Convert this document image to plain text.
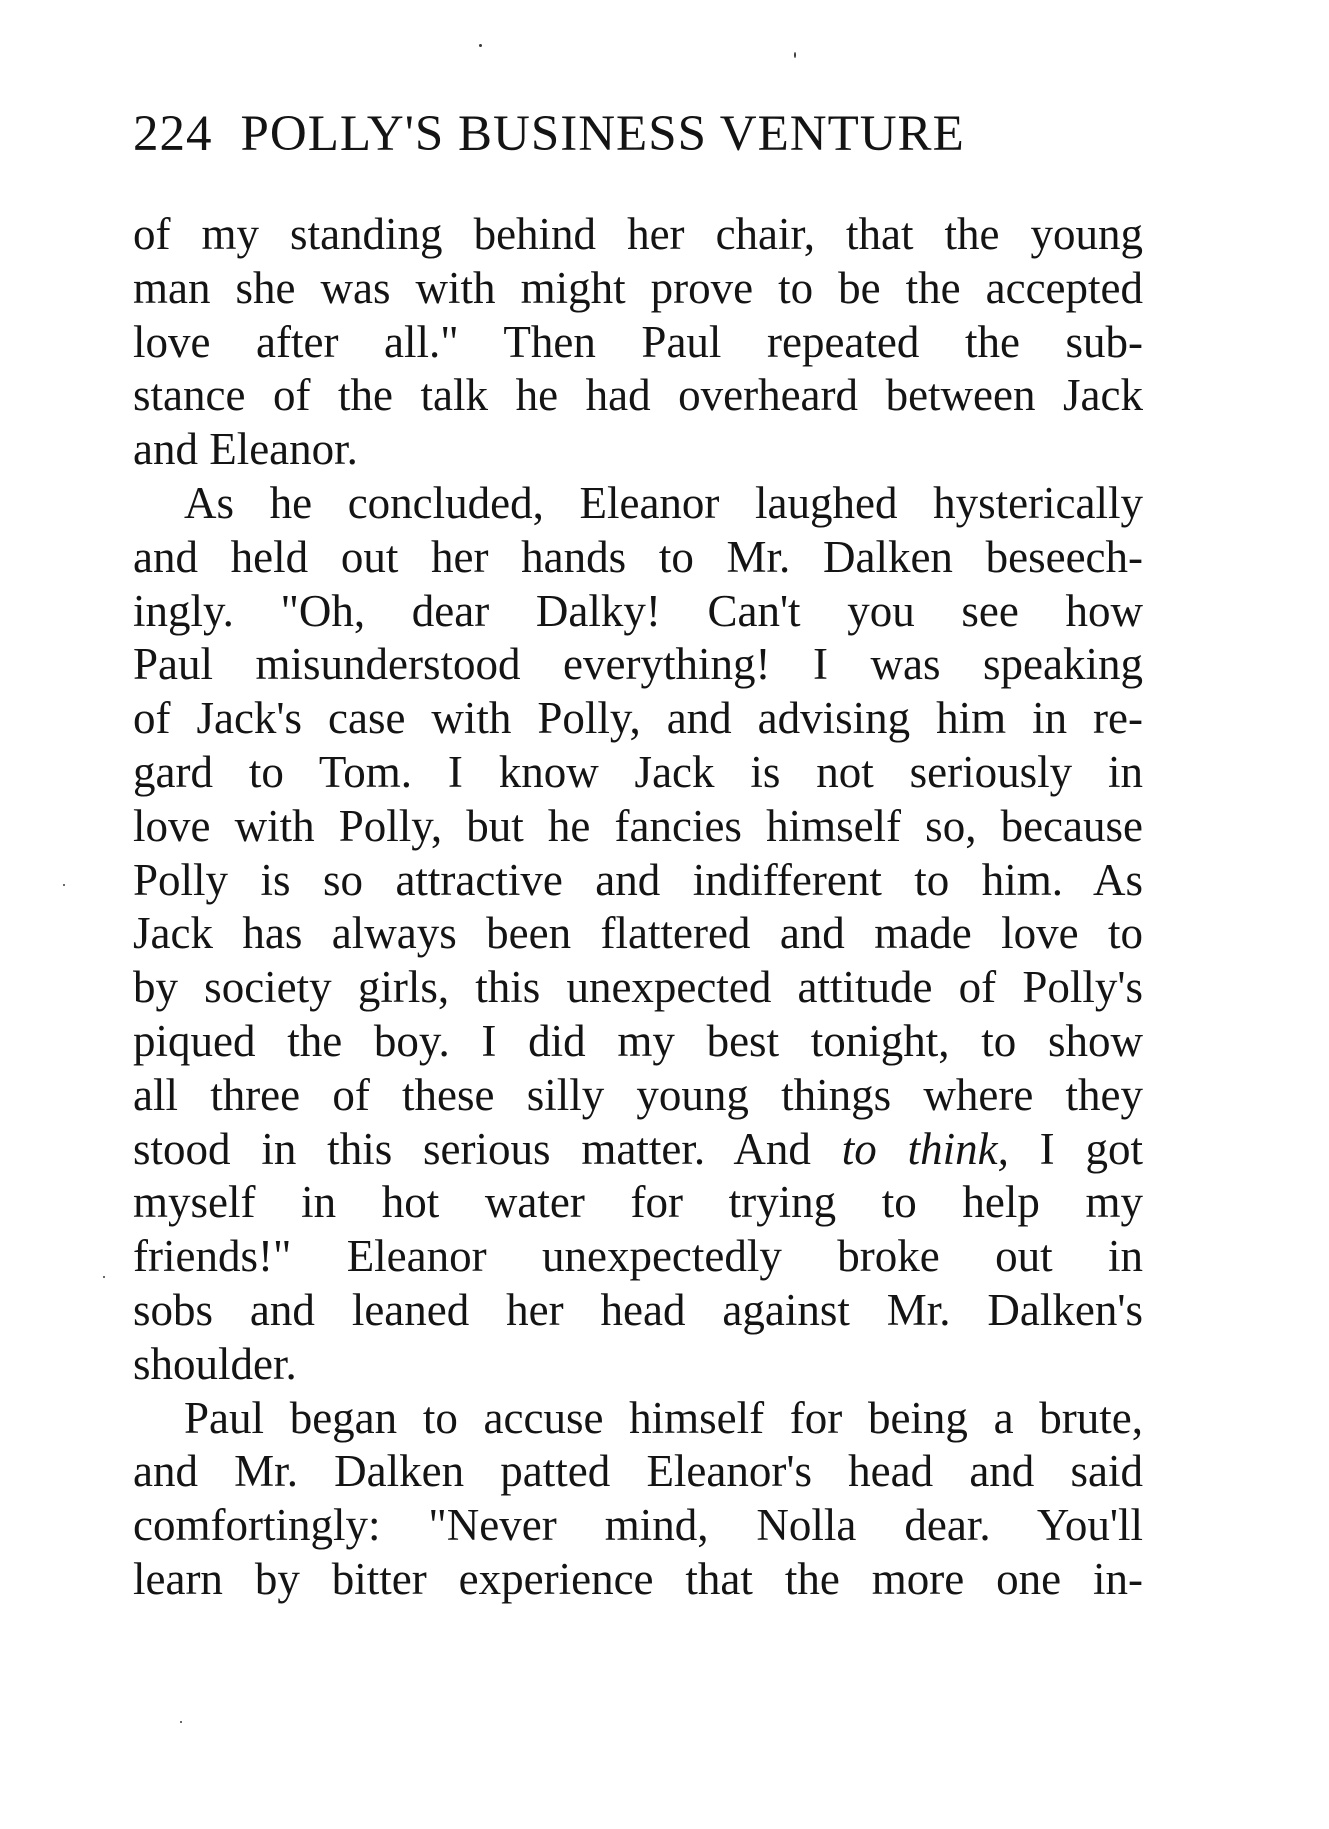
224 POLLY'S BUSINESS VENTURE
of my standing behind her chair, that the young
man she was with might prove to be the accepted
love after all." Then Paul repeated the sub-
stance of the talk he had overheard between Jack
and Eleanor.
As he concluded, Eleanor laughed hysterically
and held out her hands to Mr. Dalken beseech-
ingly. "Oh, dear Dalky! Can't you see how
Paul misunderstood everything! I was speaking
of Jack's case with Polly, and advising him in re-
gard to Tom. I know Jack is not seriously in
love with Polly, but he fancies himself so, because
Polly is so attractive and indifferent to him. As
Jack has always been flattered and made love to
by society girls, this unexpected attitude of Polly's
piqued the boy. I did my best tonight, to show
all three of these silly young things where they
stood in this serious matter. And to think, I got
myself in hot water for trying to help my
friends!" Eleanor unexpectedly broke out in
sobs and leaned her head against Mr. Dalken's
shoulder.
Paul began to accuse himself for being a brute,
and Mr. Dalken patted Eleanor's head and said
comfortingly: "Never mind, Nolla dear. You'll
learn by bitter experience that the more one in-
